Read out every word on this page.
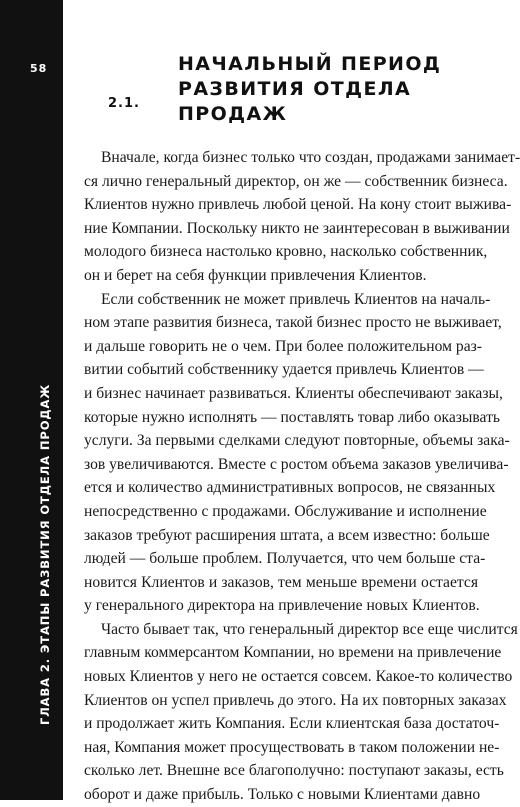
58
ГЛАВА 2. ЭТАПЫ РАЗВИТИЯ ОТДЕЛА ПРОДАЖ
2.1.
НАЧАЛЬНЫЙ ПЕРИОД
РАЗВИТИЯ ОТДЕЛА
ПРОДАЖ
Вначале, когда бизнес только что создан, продажами занимает-
ся лично генеральный директор, он же — собственник бизнеса.
Клиентов нужно привлечь любой ценой. На кону стоит выжива-
ние Компании. Поскольку никто не заинтересован в выживании
молодого бизнеса настолько кровно, насколько собственник,
он и берет на себя функции привлечения Клиентов.
Если собственник не может привлечь Клиентов на началь-
ном этапе развития бизнеса, такой бизнес просто не выживает,
и дальше говорить не о чем. При более положительном раз-
витии событий собственнику удается привлечь Клиентов —
и бизнес начинает развиваться. Клиенты обеспечивают заказы,
которые нужно исполнять — поставлять товар либо оказывать
услуги. За первыми сделками следуют повторные, объемы зака-
зов увеличиваются. Вместе с ростом объема заказов увеличива-
ется и количество административных вопросов, не связанных
непосредственно с продажами. Обслуживание и исполнение
заказов требуют расширения штата, а всем известно: больше
людей — больше проблем. Получается, что чем больше ста-
новится Клиентов и заказов, тем меньше времени остается
у генерального директора на привлечение новых Клиентов.
Часто бывает так, что генеральный директор все еще числится
главным коммерсантом Компании, но времени на привлечение
новых Клиентов у него не остается совсем. Какое-то количество
Клиентов он успел привлечь до этого. На их повторных заказах
и продолжает жить Компания. Если клиентская база достаточ-
ная, Компания может просуществовать в таком положении не-
сколько лет. Внешне все благополучно: поступают заказы, есть
оборот и даже прибыль. Только с новыми Клиентами давно
